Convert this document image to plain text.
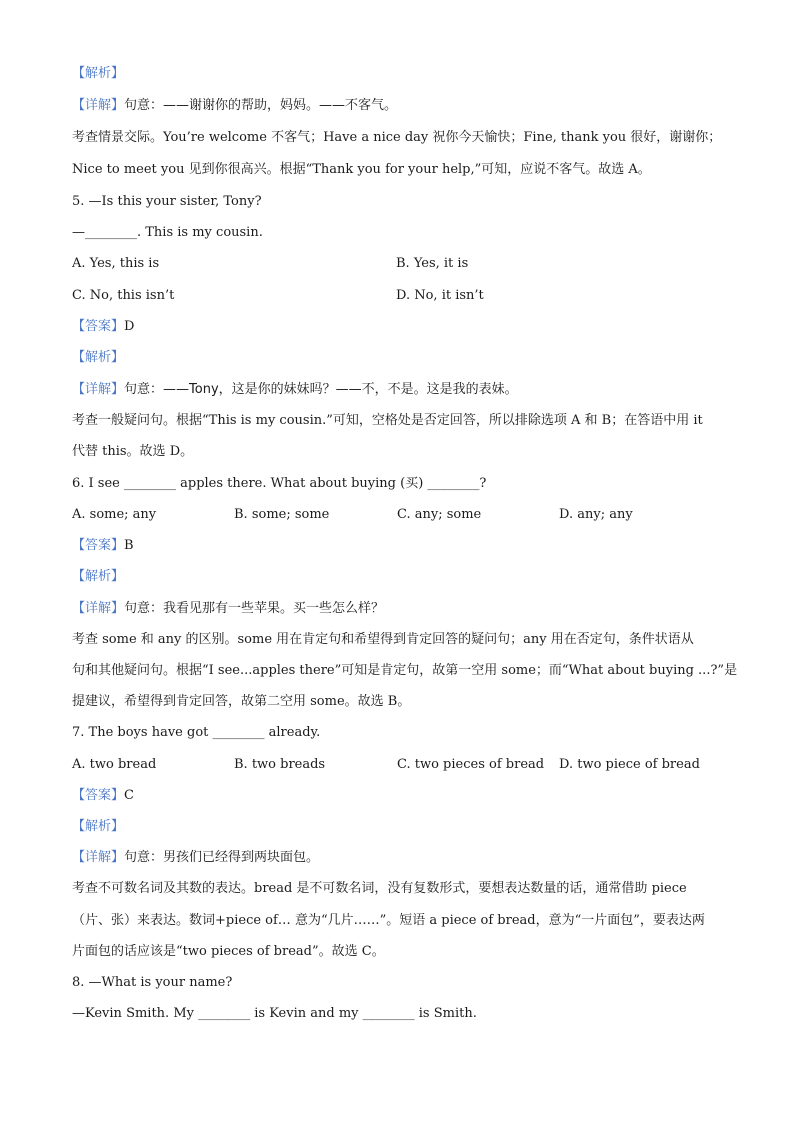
【解析】
【详解】句意：——谢谢你的帮助，妈妈。——不客气。
考查情景交际。You’re welcome 不客气；Have a nice day 祝你今天愉快；Fine, thank you 很好，谢谢你；
Nice to meet you 见到你很高兴。根据“Thank you for your help,”可知，应说不客气。故选 A。
5. —Is this your sister, Tony?
—________. This is my cousin.
A. Yes, this is	B. Yes, it is
C. No, this isn’t	D. No, it isn’t
【答案】D
【解析】
【详解】句意：——Tony，这是你的妹妹吗？——不，不是。这是我的表妹。
考查一般疑问句。根据“This is my cousin.”可知，空格处是否定回答，所以排除选项 A 和 B；在答语中用 it
代替 this。故选 D。
6. I see ________ apples there. What about buying (买) ________?
A. some; any	B. some; some	C. any; some	D. any; any
【答案】B
【解析】
【详解】句意：我看见那有一些苹果。买一些怎么样？
考查 some 和 any 的区别。some 用在肯定句和希望得到肯定回答的疑问句；any 用在否定句，条件状语从
句和其他疑问句。根据“I see...apples there”可知是肯定句，故第一空用 some；而“What about buying ...?”是
提建议，希望得到肯定回答，故第二空用 some。故选 B。
7. The boys have got ________ already.
A. two bread	B. two breads	C. two pieces of bread D. two piece of bread
【答案】C
【解析】
【详解】句意：男孩们已经得到两块面包。
考查不可数名词及其数的表达。bread 是不可数名词，没有复数形式，要想表达数量的话，通常借助 piece
（片、张）来表达。数词+piece of… 意为“几片……”。短语 a piece of bread，意为“一片面包”，要表达两
片面包的话应该是“two pieces of bread”。故选 C。
8. —What is your name?
—Kevin Smith. My ________ is Kevin and my ________ is Smith.
